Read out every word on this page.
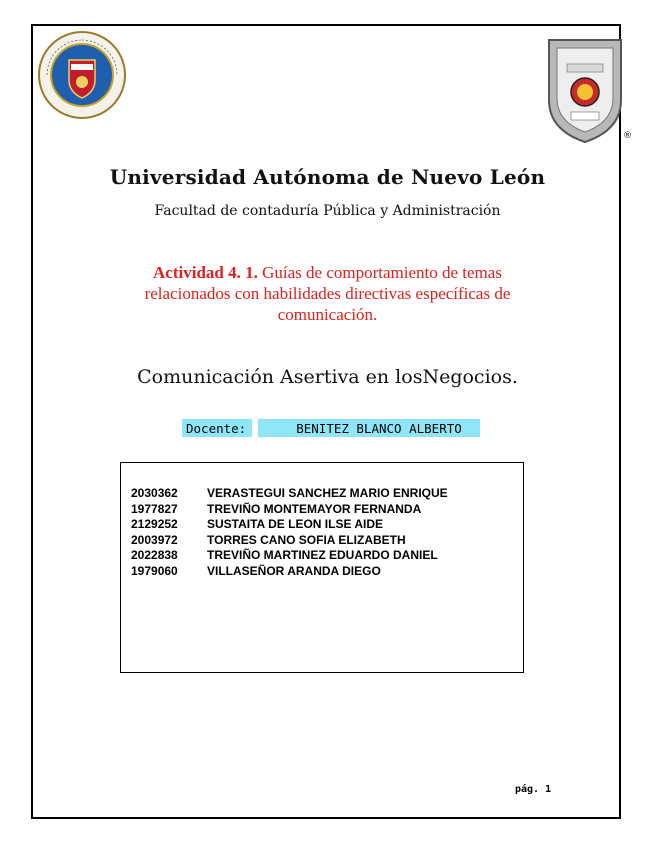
®
Universidad Autónoma de Nuevo León
Facultad de contaduría Pública y Administración
Actividad 4. 1. Guías de comportamiento de temas relacionados con habilidades directivas específicas de comunicación.
Comunicación Asertiva en losNegocios.
Docente:	BENITEZ BLANCO ALBERTO
2030362	VERASTEGUI SANCHEZ MARIO ENRIQUE
1977827	TREVIÑO MONTEMAYOR FERNANDA
2129252	SUSTAITA DE LEON ILSE AIDE
2003972	TORRES CANO SOFIA ELIZABETH
2022838	TREVIÑO MARTINEZ EDUARDO DANIEL
1979060	VILLASEÑOR ARANDA DIEGO
pág. 1
